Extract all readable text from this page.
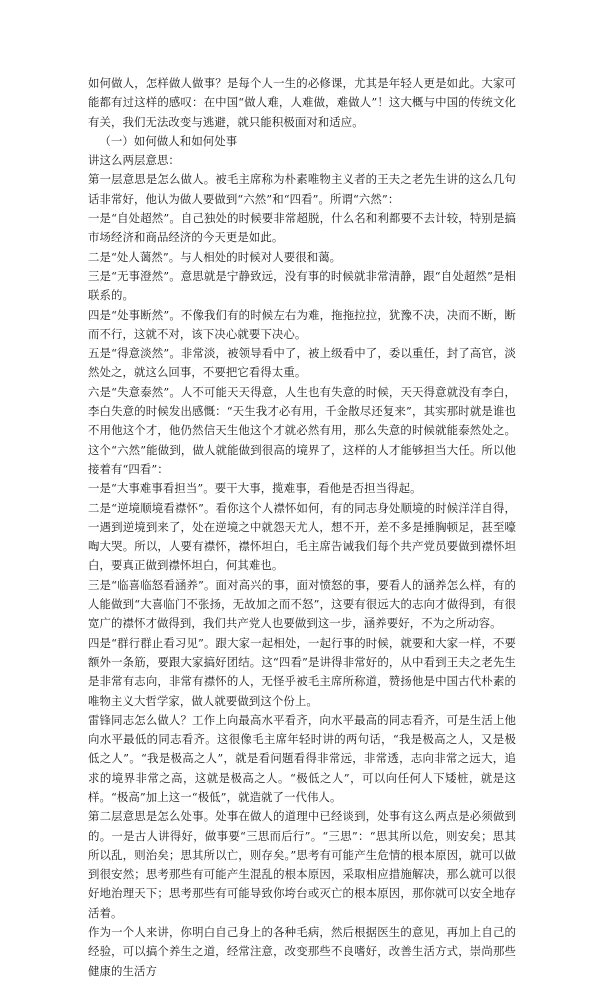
如何做人，怎样做人做事？是每个人一生的必修课，尤其是年轻人更是如此。大家可能都有过这样的感叹：在中国“做人难，人难做，难做人”！这大概与中国的传统文化有关，我们无法改变与逃避，就只能积极面对和适应。

（一）如何做人和如何处事

讲这么两层意思：

第一层意思是怎么做人。被毛主席称为朴素唯物主义者的王夫之老先生讲的这么几句话非常好，他认为做人要做到“六然”和“四看”。所谓“六然”：

一是“自处超然”。自己独处的时候要非常超脱，什么名和利都要不去计较，特别是搞市场经济和商品经济的今天更是如此。

二是“处人蔼然”。与人相处的时候对人要很和蔼。

三是“无事澄然”。意思就是宁静致远，没有事的时候就非常清静，跟“自处超然”是相联系的。

四是“处事断然”。不像我们有的时候左右为难，拖拖拉拉，犹豫不决，决而不断，断而不行，这就不对，该下决心就要下决心。

五是“得意淡然”。非常淡，被领导看中了，被上级看中了，委以重任，封了高官，淡然处之，就这么回事，不要把它看得太重。

六是“失意泰然”。人不可能天天得意，人生也有失意的时候，天天得意就没有李白，李白失意的时候发出感慨：“天生我才必有用，千金散尽还复来”，其实那时就是谁也不用他这个才，他仍然信天生他这个才就必然有用，那么失意的时候就能泰然处之。这个“六然”能做到，做人就能做到很高的境界了，这样的人才能够担当大任。所以他接着有“四看”：

一是“大事难事看担当”。要干大事，揽难事，看他是否担当得起。

二是“逆境顺境看襟怀”。看你这个人襟怀如何，有的同志身处顺境的时候洋洋自得，一遇到逆境到来了，处在逆境之中就怨天尤人，想不开，差不多是捶胸顿足，甚至嚎啕大哭。所以，人要有襟怀，襟怀坦白，毛主席告诫我们每个共产党员要做到襟怀坦白，要真正做到襟怀坦白，何其难也。

三是“临喜临怒看涵养”。面对高兴的事，面对愤怒的事，要看人的涵养怎么样，有的人能做到“大喜临门不张扬，无故加之而不怒”，这要有很远大的志向才做得到，有很宽广的襟怀才做得到，我们共产党人也要做到这一步，涵养要好，不为之所动容。

四是“群行群止看习见”。跟大家一起相处，一起行事的时候，就要和大家一样，不要额外一条筋，要跟大家搞好团结。这“四看”是讲得非常好的，从中看到王夫之老先生是非常有志向，非常有襟怀的人，无怪乎被毛主席所称道，赞扬他是中国古代朴素的唯物主义大哲学家，做人就要做到这个份上。

雷锋同志怎么做人？工作上向最高水平看齐，向水平最高的同志看齐，可是生活上他向水平最低的同志看齐。这很像毛主席年轻时讲的两句话，“我是极高之人，又是极低之人”。“我是极高之人”，就是看问题看得非常远，非常透，志向非常之远大，追求的境界非常之高，这就是极高之人。“极低之人”，可以向任何人下矮桩，就是这样。“极高”加上这一“极低”，就造就了一代伟人。

第二层意思是怎么处事。处事在做人的道理中已经谈到，处事有这么两点是必须做到的。一是古人讲得好，做事要“三思而后行”。“三思”：“思其所以危，则安矣；思其所以乱，则治矣；思其所以亡，则存矣。”思考有可能产生危情的根本原因，就可以做到很安然；思考那些有可能产生混乱的根本原因，采取相应措施解决，那么就可以很好地治理天下；思考那些有可能导致你垮台或灭亡的根本原因，那你就可以安全地存活着。

作为一个人来讲，你明白自己身上的各种毛病，然后根据医生的意见，再加上自己的经验，可以搞个养生之道，经常注意，改变那些不良嗜好，改善生活方式，崇尚那些健康的生活方
